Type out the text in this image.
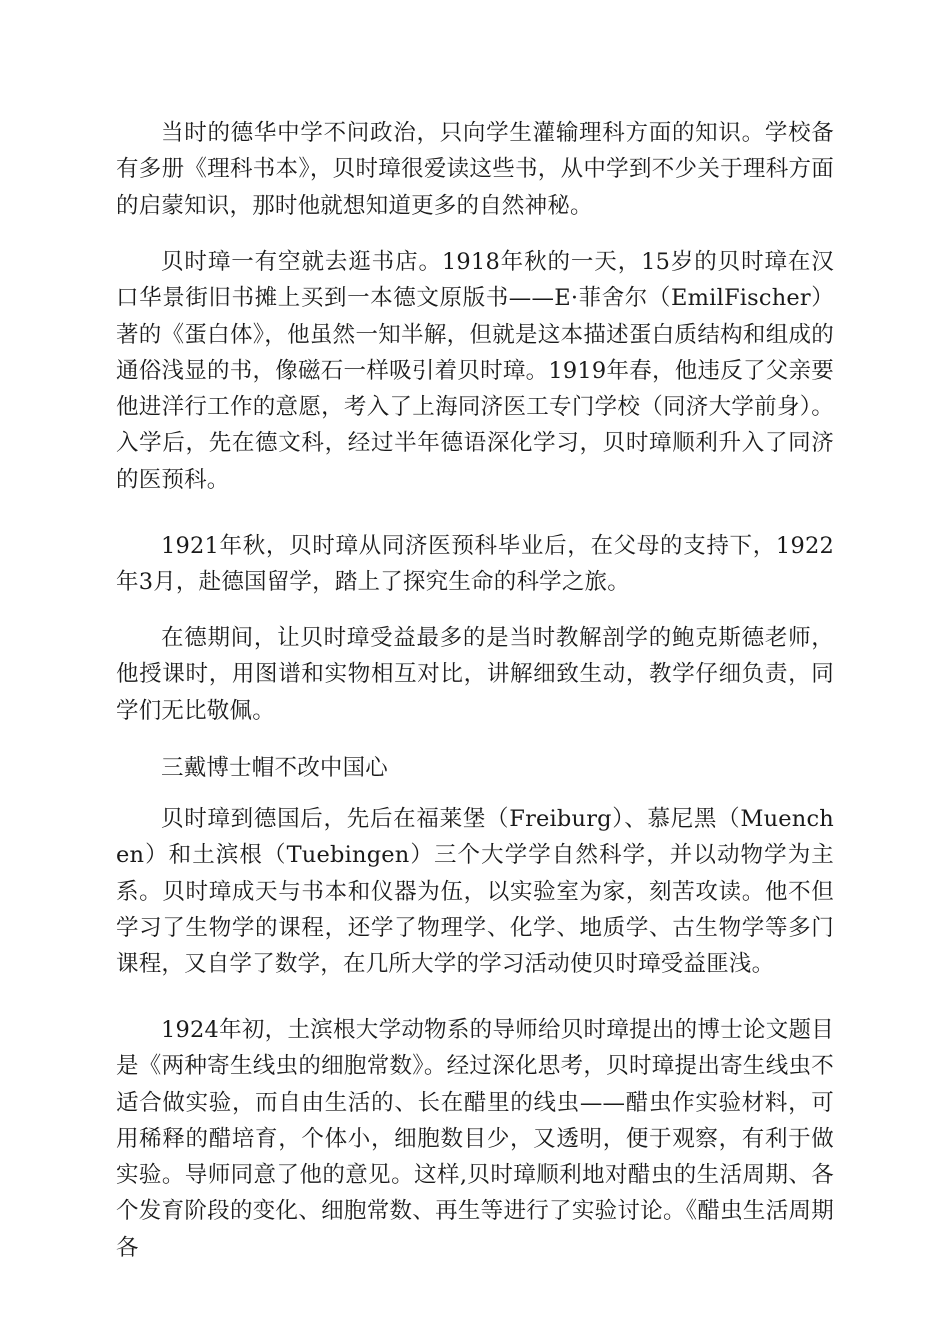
当时的德华中学不问政治，只向学生灌输理科方面的知识。学校备有多册《理科书本》，贝时璋很爱读这些书，从中学到不少关于理科方面的启蒙知识，那时他就想知道更多的自然神秘。

贝时璋一有空就去逛书店。1918年秋的一天，15岁的贝时璋在汉口华景街旧书摊上买到一本德文原版书——E·菲舍尔（EmilFischer）著的《蛋白体》，他虽然一知半解，但就是这本描述蛋白质结构和组成的通俗浅显的书，像磁石一样吸引着贝时璋。1919年春，他违反了父亲要他进洋行工作的意愿，考入了上海同济医工专门学校（同济大学前身）。入学后，先在德文科，经过半年德语深化学习，贝时璋顺利升入了同济的医预科。

1921年秋，贝时璋从同济医预科毕业后，在父母的支持下，1922年3月，赴德国留学，踏上了探究生命的科学之旅。

在德期间，让贝时璋受益最多的是当时教解剖学的鲍克斯德老师，他授课时，用图谱和实物相互对比，讲解细致生动，教学仔细负责，同学们无比敬佩。

三戴博士帽不改中国心

贝时璋到德国后，先后在福莱堡（Freiburg）、慕尼黑（Muenchen）和土滨根（Tuebingen）三个大学学自然科学，并以动物学为主系。贝时璋成天与书本和仪器为伍，以实验室为家，刻苦攻读。他不但学习了生物学的课程，还学了物理学、化学、地质学、古生物学等多门课程，又自学了数学，在几所大学的学习活动使贝时璋受益匪浅。

1924年初，土滨根大学动物系的导师给贝时璋提出的博士论文题目是《两种寄生线虫的细胞常数》。经过深化思考，贝时璋提出寄生线虫不适合做实验，而自由生活的、长在醋里的线虫——醋虫作实验材料，可用稀释的醋培育，个体小，细胞数目少，又透明，便于观察，有利于做实验。导师同意了他的意见。这样,贝时璋顺利地对醋虫的生活周期、各个发育阶段的变化、细胞常数、再生等进行了实验讨论。《醋虫生活周期各
